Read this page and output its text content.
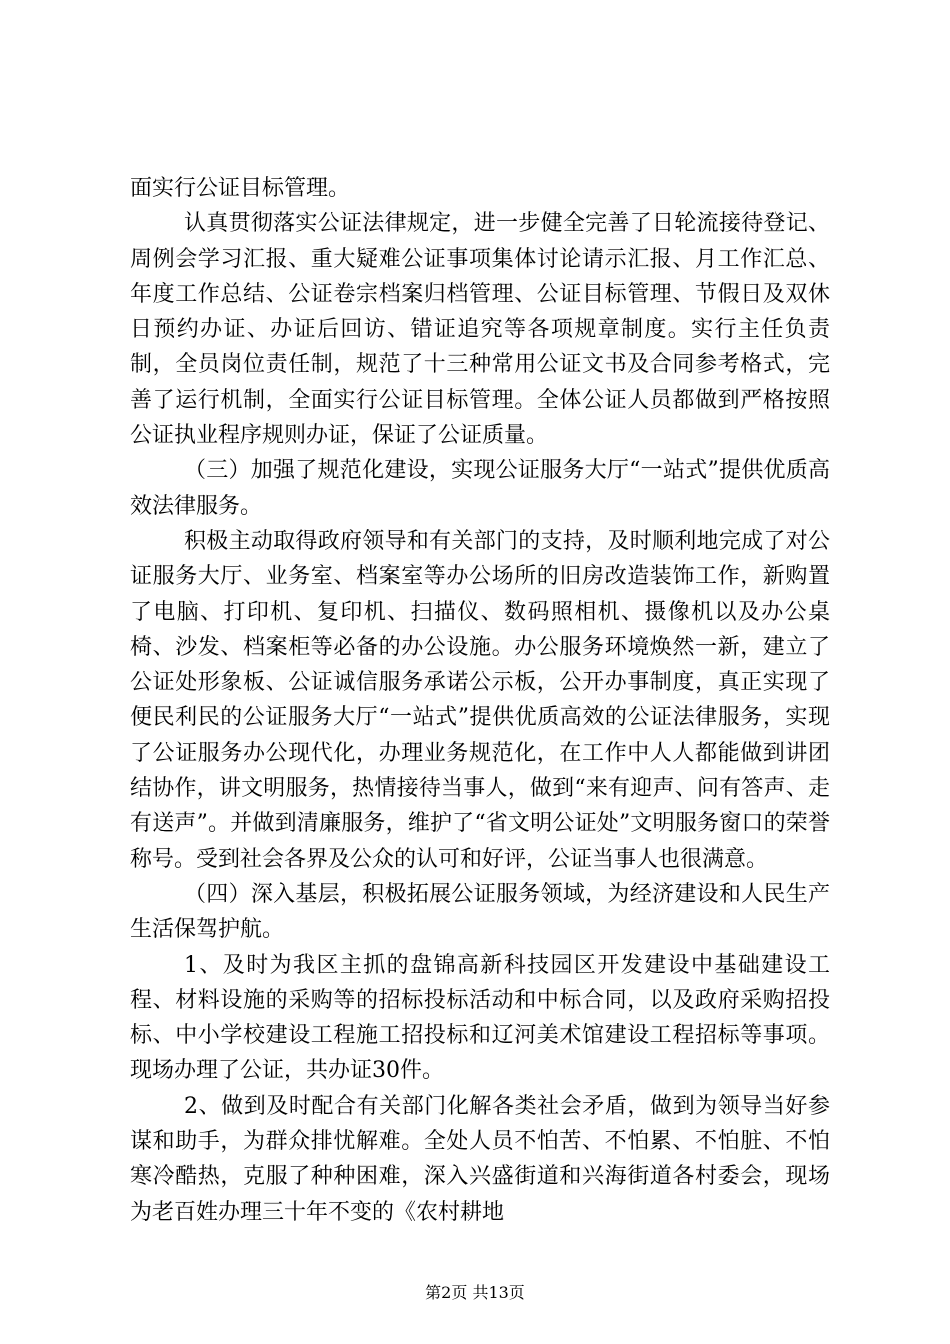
面实行公证目标管理。

认真贯彻落实公证法律规定，进一步健全完善了日轮流接待登记、周例会学习汇报、重大疑难公证事项集体讨论请示汇报、月工作汇总、年度工作总结、公证卷宗档案归档管理、公证目标管理、节假日及双休日预约办证、办证后回访、错证追究等各项规章制度。实行主任负责制，全员岗位责任制，规范了十三种常用公证文书及合同参考格式，完善了运行机制，全面实行公证目标管理。全体公证人员都做到严格按照公证执业程序规则办证，保证了公证质量。

（三）加强了规范化建设，实现公证服务大厅“一站式”提供优质高效法律服务。

积极主动取得政府领导和有关部门的支持，及时顺利地完成了对公证服务大厅、业务室、档案室等办公场所的旧房改造装饰工作，新购置了电脑、打印机、复印机、扫描仪、数码照相机、摄像机以及办公桌椅、沙发、档案柜等必备的办公设施。办公服务环境焕然一新，建立了公证处形象板、公证诚信服务承诺公示板，公开办事制度，真正实现了便民利民的公证服务大厅“一站式”提供优质高效的公证法律服务，实现了公证服务办公现代化，办理业务规范化，在工作中人人都能做到讲团结协作，讲文明服务，热情接待当事人，做到“来有迎声、问有答声、走有送声”。并做到清廉服务，维护了“省文明公证处”文明服务窗口的荣誉称号。受到社会各界及公众的认可和好评，公证当事人也很满意。

（四）深入基层，积极拓展公证服务领域，为经济建设和人民生产生活保驾护航。

1、及时为我区主抓的盘锦高新科技园区开发建设中基础建设工程、材料设施的采购等的招标投标活动和中标合同，以及政府采购招投标、中小学校建设工程施工招投标和辽河美术馆建设工程招标等事项。现场办理了公证，共办证30件。

2、做到及时配合有关部门化解各类社会矛盾，做到为领导当好参谋和助手，为群众排忧解难。全处人员不怕苦、不怕累、不怕脏、不怕寒冷酷热，克服了种种困难，深入兴盛街道和兴海街道各村委会，现场为老百姓办理三十年不变的《农村耕地

第2页 共13页
